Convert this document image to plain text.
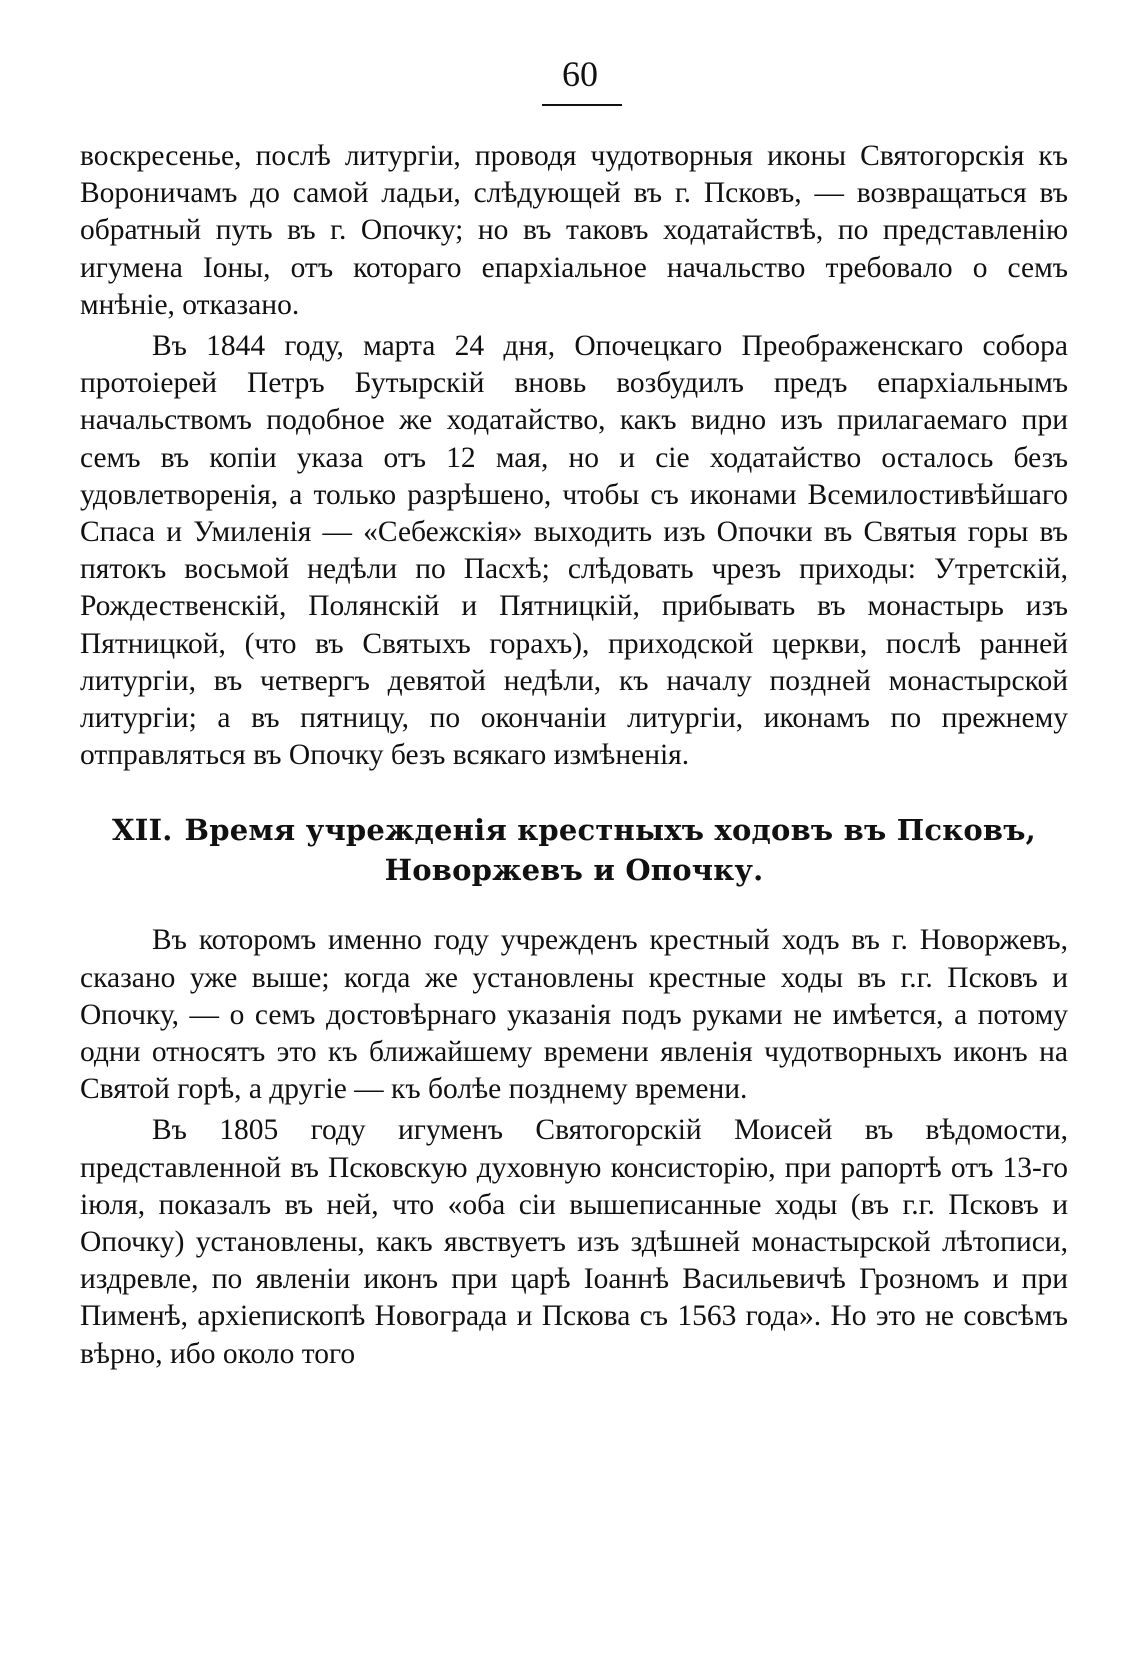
60

воскресенье, послѣ литургіи, проводя чудотворныя иконы Святогорскія къ Вороничамъ до самой ладьи, слѣдующей въ г. Псковъ, — возвращаться въ обратный путь въ г. Опочку; но въ таковъ ходатайствѣ, по представленію игумена Іоны, отъ котораго епархіальное начальство требовало о семъ мнѣніе, отказано.

Въ 1844 году, марта 24 дня, Опочецкаго Преображенскаго собора протоіерей Петръ Бутырскій вновь возбудилъ предъ епархіальнымъ начальствомъ подобное же ходатайство, какъ видно изъ прилагаемаго при семъ въ копіи указа отъ 12 мая, но и сіе ходатайство осталось безъ удовлетворенія, а только разрѣшено, чтобы съ иконами Всемилостивѣйшаго Спаса и Умиленія — «Себежскія» выходить изъ Опочки въ Святыя горы въ пятокъ восьмой недѣли по Пасхѣ; слѣдовать чрезъ приходы: Утретскій, Рождественскій, Полянскій и Пятницкій, прибывать въ монастырь изъ Пятницкой, (что въ Святыхъ горахъ), приходской церкви, послѣ ранней литургіи, въ четвергъ девятой недѣли, къ началу поздней монастырской литургіи; а въ пятницу, по окончаніи литургіи, иконамъ по прежнему отправляться въ Опочку безъ всякаго измѣненія.

XII. Время учрежденія крестныхъ ходовъ въ Псковъ, Новоржевъ и Опочку.

Въ которомъ именно году учрежденъ крестный ходъ въ г. Новоржевъ, сказано уже выше; когда же установлены крестные ходы въ г.г. Псковъ и Опочку, — о семъ достовѣрнаго указанія подъ руками не имѣется, а потому одни относятъ это къ ближайшему времени явленія чудотворныхъ иконъ на Святой горѣ, а другіе — къ болѣе позднему времени.

Въ 1805 году игуменъ Святогорскій Моисей въ вѣдомости, представленной въ Псковскую духовную консисторію, при рапортѣ отъ 13-го іюля, показалъ въ ней, что «оба сіи вышеписанные ходы (въ г.г. Псковъ и Опочку) установлены, какъ явствуетъ изъ здѣшней монастырской лѣтописи, издревле, по явленіи иконъ при царѣ Іоаннѣ Васильевичѣ Грозномъ и при Пименѣ, архіепископѣ Новограда и Пскова съ 1563 года». Но это не совсѣмъ вѣрно, ибо около того
